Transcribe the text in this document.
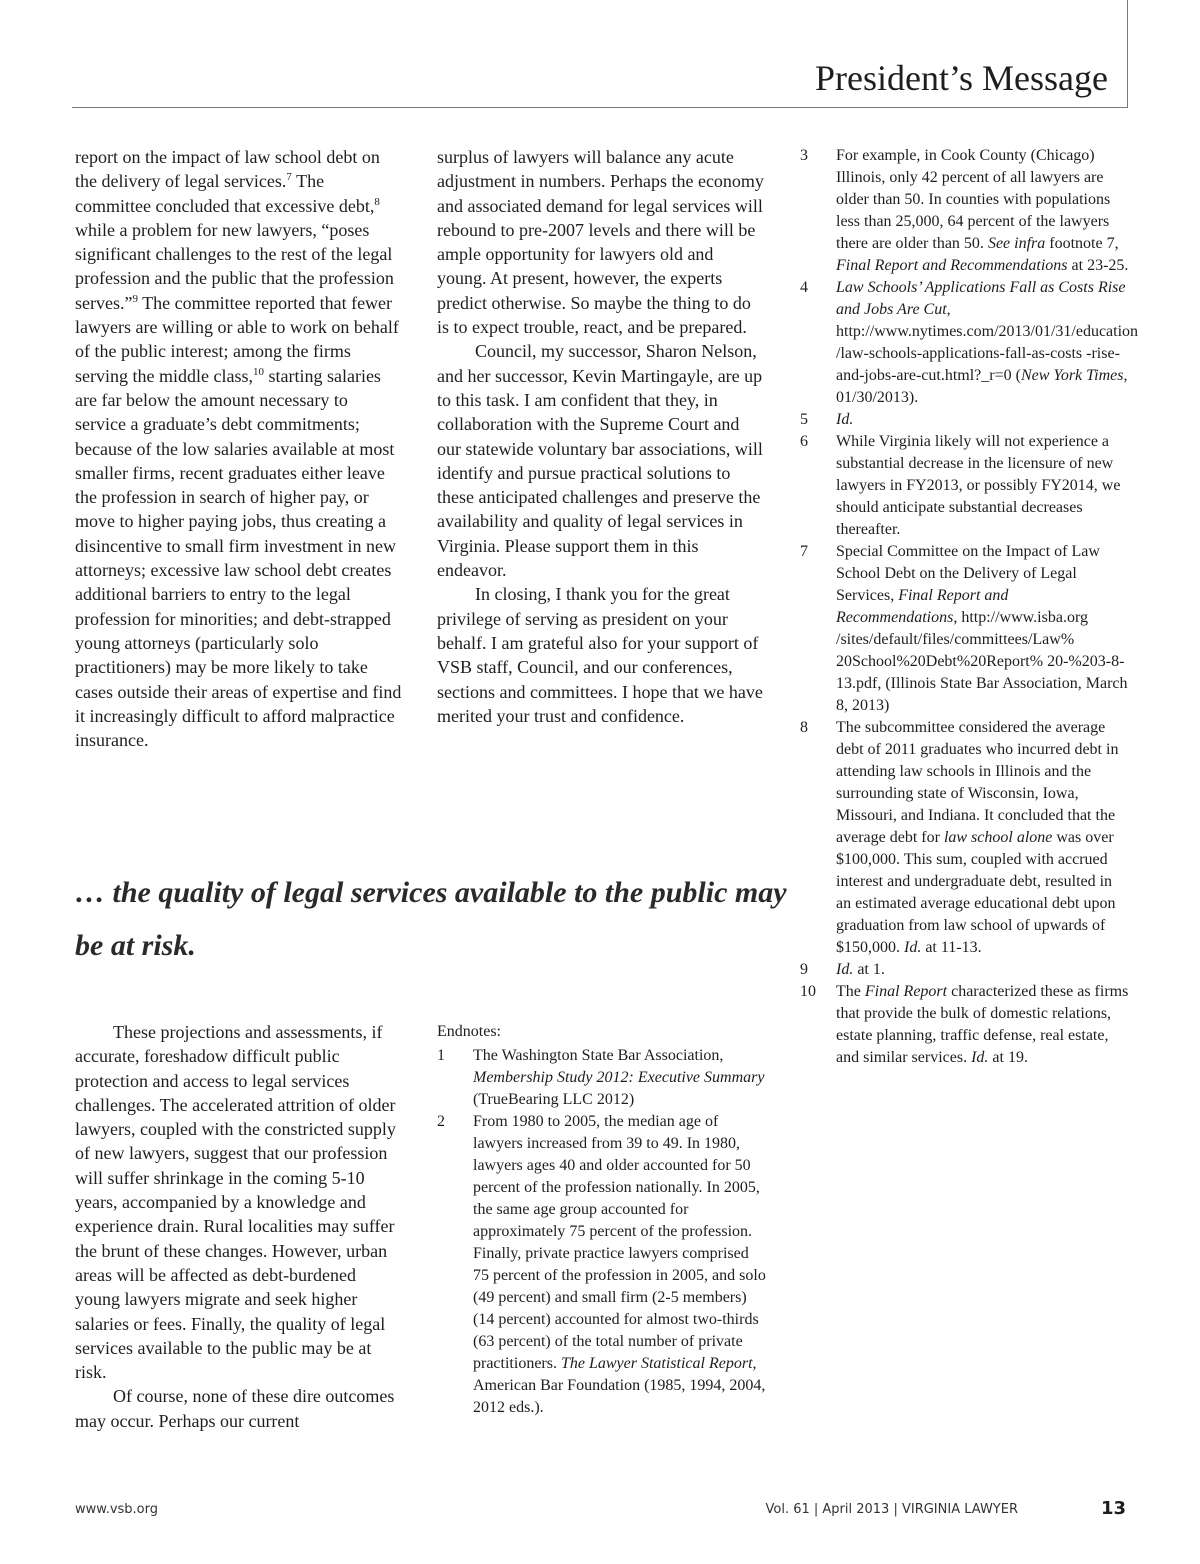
President’s Message

report on the impact of law school debt on the delivery of legal services.$^7$ The committee concluded that excessive debt,$^8$ while a problem for new lawyers, “poses significant challenges to the rest of the legal profession and the public that the profession serves.”$^9$ The committee reported that fewer lawyers are willing or able to work on behalf of the public interest; among the firms serving the middle class,$^{10}$ starting salaries are far below the amount necessary to service a graduate’s debt commitments; because of the low salaries available at most smaller firms, recent graduates either leave the profession in search of higher pay, or move to higher paying jobs, thus creating a disincentive to small firm investment in new attorneys; excessive law school debt creates additional barriers to entry to the legal profession for minorities; and debt-strapped young attorneys (particularly solo practitioners) may be more likely to take cases outside their areas of expertise and find it increasingly difficult to afford malpractice insurance.

surplus of lawyers will balance any acute adjustment in numbers. Perhaps the economy and associated demand for legal services will rebound to pre-2007 levels and there will be ample opportunity for lawyers old and young. At present, however, the experts predict otherwise. So maybe the thing to do is to expect trouble, react, and be prepared.

Council, my successor, Sharon Nelson, and her successor, Kevin Martingayle, are up to this task. I am confident that they, in collaboration with the Supreme Court and our statewide voluntary bar associations, will identify and pursue practical solutions to these anticipated challenges and preserve the availability and quality of legal services in Virginia. Please support them in this endeavor.

In closing, I thank you for the great privilege of serving as president on your behalf. I am grateful also for your support of VSB staff, Council, and our conferences, sections and committees. I hope that we have merited your trust and confidence.

… the quality of legal services available to the public may be at risk.

These projections and assessments, if accurate, foreshadow difficult public protection and access to legal services challenges. The accelerated attrition of older lawyers, coupled with the constricted supply of new lawyers, suggest that our profession will suffer shrinkage in the coming 5-10 years, accompanied by a knowledge and experience drain. Rural localities may suffer the brunt of these changes. However, urban areas will be affected as debt-burdened young lawyers migrate and seek higher salaries or fees. Finally, the quality of legal services available to the public may be at risk.

Of course, none of these dire outcomes may occur. Perhaps our current

Endnotes:

1 The Washington State Bar Association, Membership Study 2012: Executive Summary (TrueBearing LLC 2012)
2 From 1980 to 2005, the median age of lawyers increased from 39 to 49. In 1980, lawyers ages 40 and older accounted for 50 percent of the profession nationally. In 2005, the same age group accounted for approximately 75 percent of the profession. Finally, private practice lawyers comprised 75 percent of the profession in 2005, and solo (49 percent) and small firm (2-5 members) (14 percent) accounted for almost two-thirds (63 percent) of the total number of private practitioners. The Lawyer Statistical Report, American Bar Foundation (1985, 1994, 2004, 2012 eds.).
3 For example, in Cook County (Chicago) Illinois, only 42 percent of all lawyers are older than 50. In counties with populations less than 25,000, 64 percent of the lawyers there are older than 50. See infra footnote 7, Final Report and Recommendations at 23-25.
4 Law Schools’ Applications Fall as Costs Rise and Jobs Are Cut, http://www.nytimes.com/2013/01/31/education /law-schools-applications-fall-as-costs -rise-and-jobs-are-cut.html?_r=0 (New York Times, 01/30/2013).
5 Id.
6 While Virginia likely will not experience a substantial decrease in the licensure of new lawyers in FY2013, or possibly FY2014, we should anticipate substantial decreases thereafter.
7 Special Committee on the Impact of Law School Debt on the Delivery of Legal Services, Final Report and Recommendations, http://www.isba.org /sites/default/files/committees/Law% 20School%20Debt%20Report% 20-%203-8-13.pdf, (Illinois State Bar Association, March 8, 2013)
8 The subcommittee considered the average debt of 2011 graduates who incurred debt in attending law schools in Illinois and the surrounding state of Wisconsin, Iowa, Missouri, and Indiana. It concluded that the average debt for law school alone was over $100,000. This sum, coupled with accrued interest and undergraduate debt, resulted in an estimated average educational debt upon graduation from law school of upwards of $150,000. Id. at 11-13.
9 Id. at 1.
10 The Final Report characterized these as firms that provide the bulk of domestic relations, estate planning, traffic defense, real estate, and similar services. Id. at 19.
www.vsb.org	Vol. 61 | April 2013 | VIRGINIA LAWYER	13
